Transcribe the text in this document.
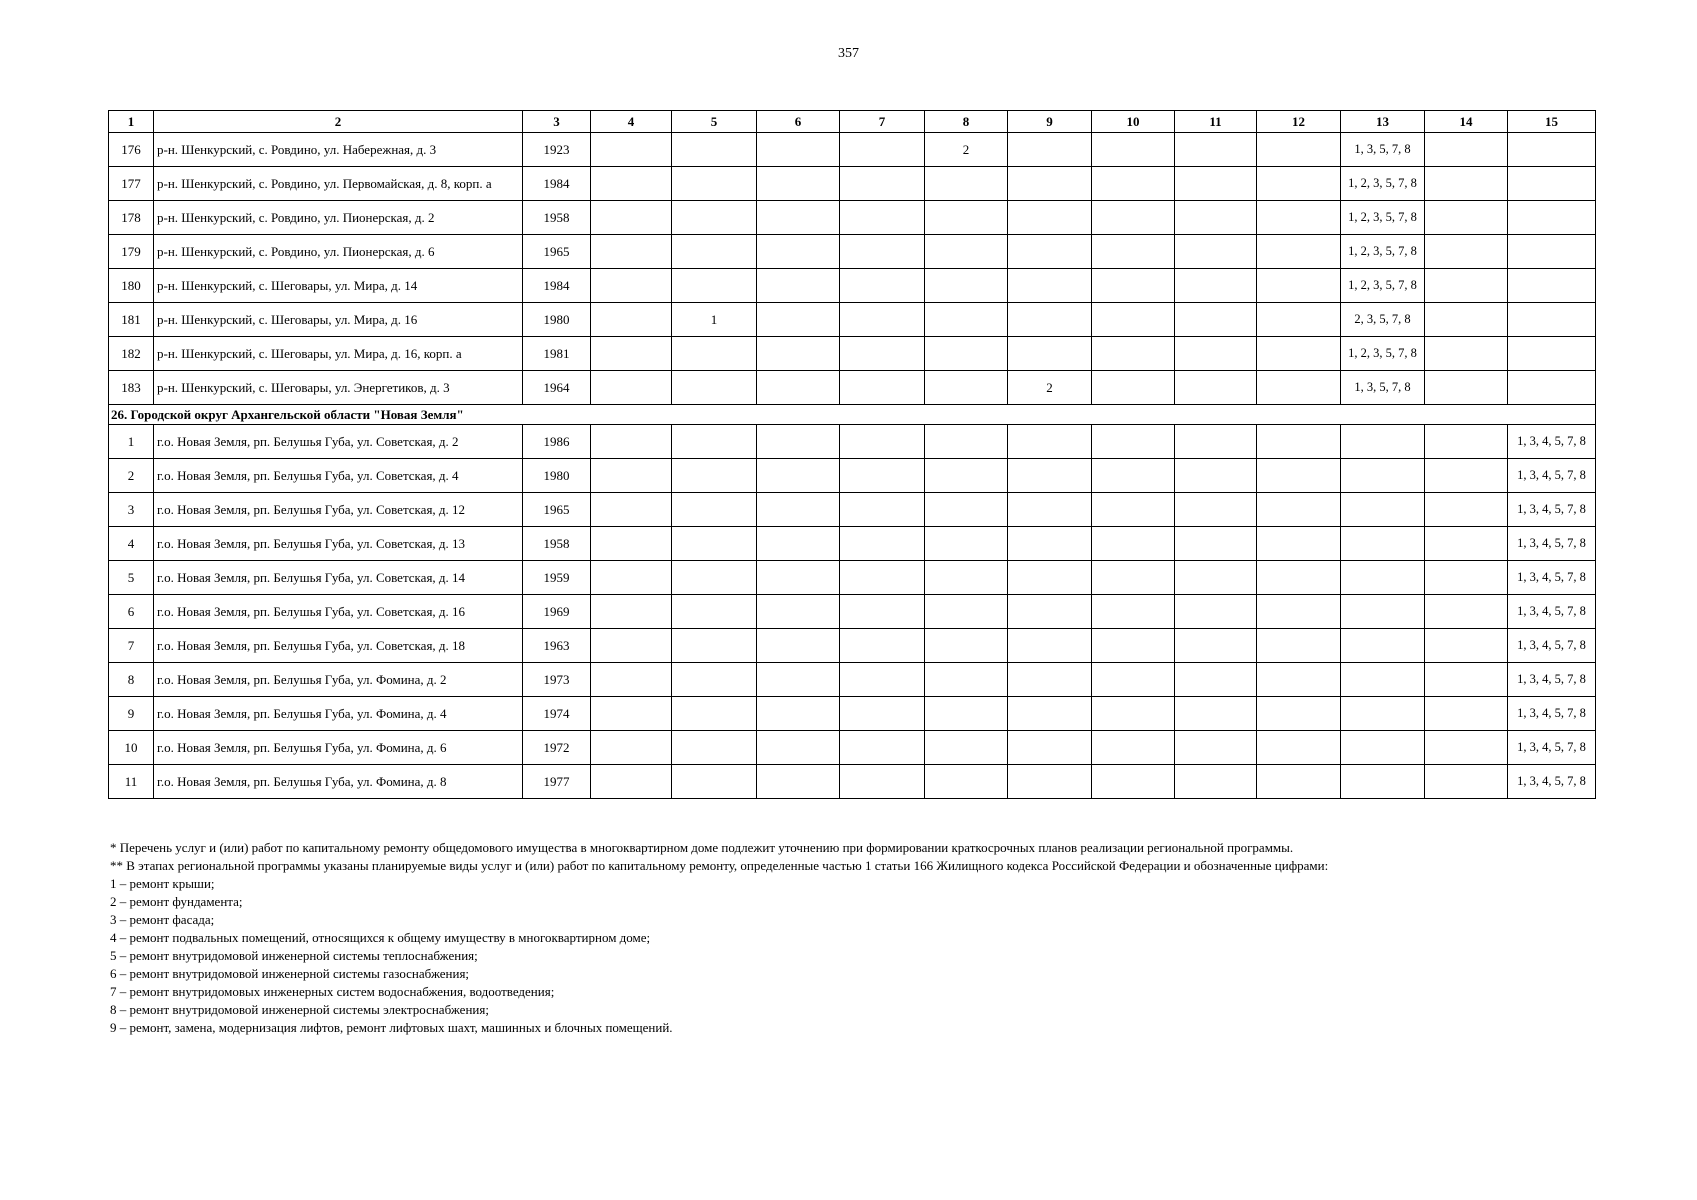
357
1	2	3	4	5	6	7	8	9	10	11	12	13	14	15
176	р-н. Шенкурский, с. Ровдино, ул. Набережная, д. 3	1923					2					1, 3, 5, 7, 8		
177	р-н. Шенкурский, с. Ровдино, ул. Первомайская, д. 8, корп. а	1984										1, 2, 3, 5, 7, 8		
178	р-н. Шенкурский, с. Ровдино, ул. Пионерская, д. 2	1958										1, 2, 3, 5, 7, 8		
179	р-н. Шенкурский, с. Ровдино, ул. Пионерская, д. 6	1965										1, 2, 3, 5, 7, 8		
180	р-н. Шенкурский, с. Шеговары, ул. Мира, д. 14	1984										1, 2, 3, 5, 7, 8		
181	р-н. Шенкурский, с. Шеговары, ул. Мира, д. 16	1980		1								2, 3, 5, 7, 8		
182	р-н. Шенкурский, с. Шеговары, ул. Мира, д. 16, корп. а	1981										1, 2, 3, 5, 7, 8		
183	р-н. Шенкурский, с. Шеговары, ул. Энергетиков, д. 3	1964						2				1, 3, 5, 7, 8		
26. Городской округ Архангельской области "Новая Земля"														
1	г.о. Новая Земля, рп. Белушья Губа, ул. Советская, д. 2	1986												1, 3, 4, 5, 7, 8
2	г.о. Новая Земля, рп. Белушья Губа, ул. Советская, д. 4	1980												1, 3, 4, 5, 7, 8
3	г.о. Новая Земля, рп. Белушья Губа, ул. Советская, д. 12	1965												1, 3, 4, 5, 7, 8
4	г.о. Новая Земля, рп. Белушья Губа, ул. Советская, д. 13	1958												1, 3, 4, 5, 7, 8
5	г.о. Новая Земля, рп. Белушья Губа, ул. Советская, д. 14	1959												1, 3, 4, 5, 7, 8
6	г.о. Новая Земля, рп. Белушья Губа, ул. Советская, д. 16	1969												1, 3, 4, 5, 7, 8
7	г.о. Новая Земля, рп. Белушья Губа, ул. Советская, д. 18	1963												1, 3, 4, 5, 7, 8
8	г.о. Новая Земля, рп. Белушья Губа, ул. Фомина, д. 2	1973												1, 3, 4, 5, 7, 8
9	г.о. Новая Земля, рп. Белушья Губа, ул. Фомина, д. 4	1974												1, 3, 4, 5, 7, 8
10	г.о. Новая Земля, рп. Белушья Губа, ул. Фомина, д. 6	1972												1, 3, 4, 5, 7, 8
11	г.о. Новая Земля, рп. Белушья Губа, ул. Фомина, д. 8	1977												1, 3, 4, 5, 7, 8

* Перечень услуг и (или) работ по капитальному ремонту общедомового имущества в многоквартирном доме подлежит уточнению при формировании краткосрочных планов реализации региональной программы.

** В этапах региональной программы указаны планируемые виды услуг и (или) работ по капитальному ремонту, определенные частью 1 статьи 166 Жилищного кодекса Российской Федерации и обозначенные цифрами:

1 – ремонт крыши;

2 – ремонт фундамента;

3 – ремонт фасада;

4 – ремонт подвальных помещений, относящихся к общему имуществу в многоквартирном доме;

5 – ремонт внутридомовой инженерной системы теплоснабжения;

6 – ремонт внутридомовой инженерной системы газоснабжения;

7 – ремонт внутридомовых инженерных систем водоснабжения, водоотведения;

8 – ремонт внутридомовой инженерной системы электроснабжения;

9 – ремонт, замена, модернизация лифтов, ремонт лифтовых шахт, машинных и блочных помещений.
